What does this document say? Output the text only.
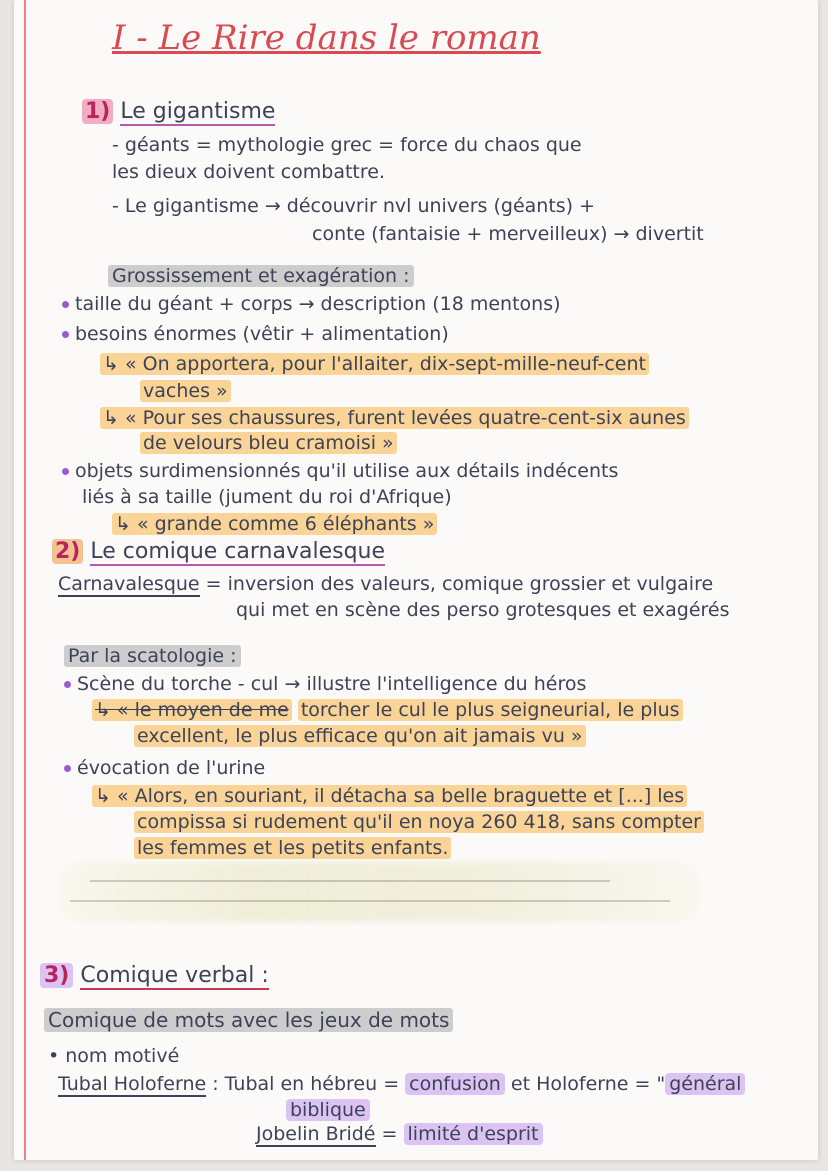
I - Le Rire dans le roman
1) Le gigantisme
- géants = mythologie grec = force du chaos que
les dieux doivent combattre.
- Le gigantisme → découvrir nvl univers (géants) +
conte (fantaisie + merveilleux) → divertit
Grossissement et exagération :
taille du géant + corps → description (18 mentons)
besoins énormes (vêtir + alimentation)
↳ « On apportera, pour l'allaiter, dix-sept-mille-neuf-cent
vaches »
↳ « Pour ses chaussures, furent levées quatre-cent-six aunes
de velours bleu cramoisi »
objets surdimensionnés qu'il utilise aux détails indécents
liés à sa taille (jument du roi d'Afrique)
↳ « grande comme 6 éléphants »
2) Le comique carnavalesque
Carnavalesque = inversion des valeurs, comique grossier et vulgaire
qui met en scène des perso grotesques et exagérés
Par la scatologie :
Scène du torche - cul → illustre l'intelligence du héros
↳ « le moyen de me torcher le cul le plus seigneurial, le plus
excellent, le plus efficace qu'on ait jamais vu »
évocation de l'urine
↳ « Alors, en souriant, il détacha sa belle braguette et [...] les
compissa si rudement qu'il en noya 260 418, sans compter
les femmes et les petits enfants.
3) Comique verbal :
Comique de mots avec les jeux de mots
• nom motivé
Tubal Holoferne : Tubal en hébreu = confusion et Holoferne = " général
biblique
Jobelin Bridé = limité d'esprit
